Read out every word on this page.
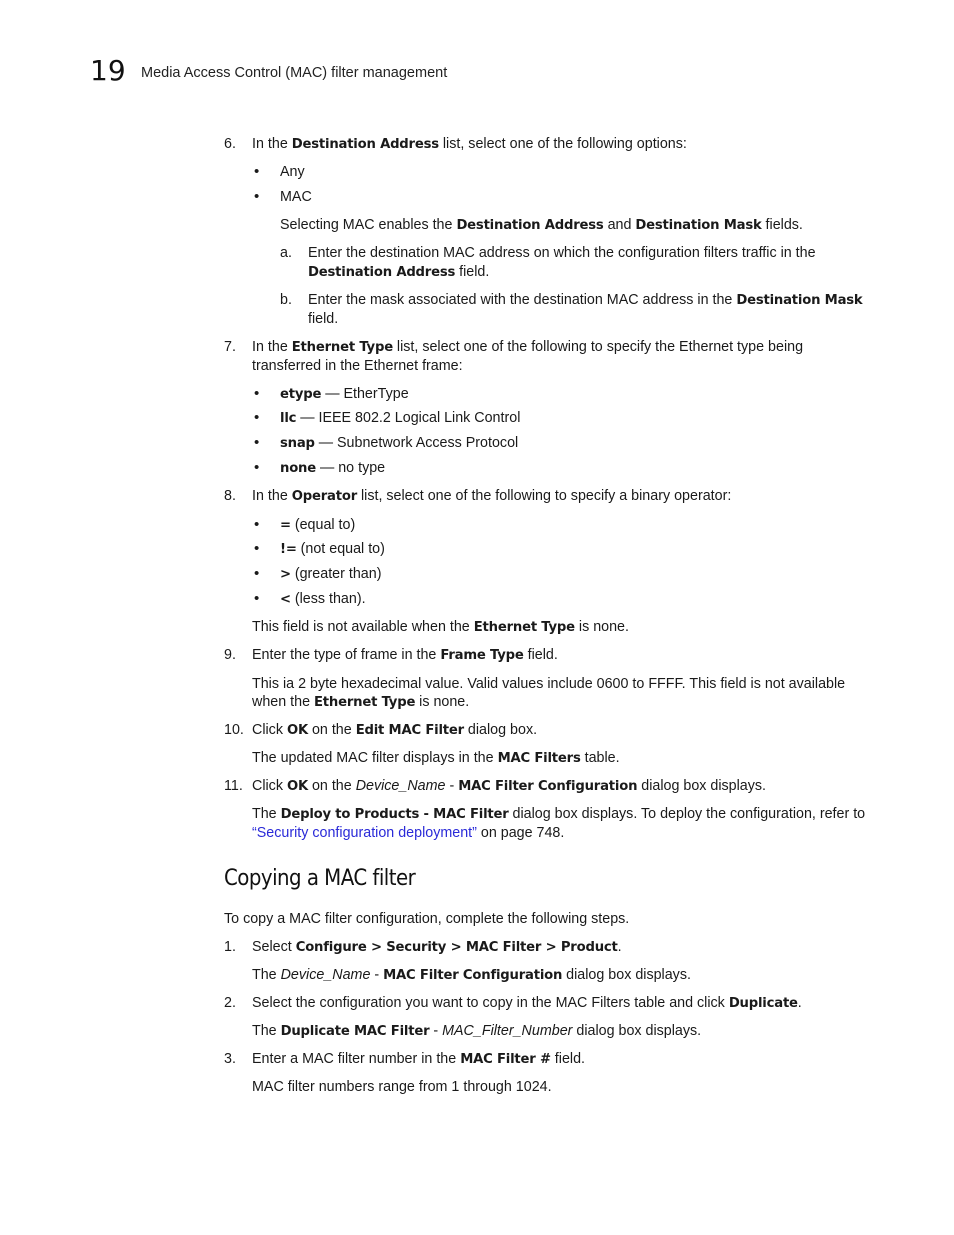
19 Media Access Control (MAC) filter management
6. In the Destination Address list, select one of the following options:
• Any
• MAC
Selecting MAC enables the Destination Address and Destination Mask fields.
a. Enter the destination MAC address on which the configuration filters traffic in the
Destination Address field.
b. Enter the mask associated with the destination MAC address in the Destination Mask
field.
7. In the Ethernet Type list, select one of the following to specify the Ethernet type being
transferred in the Ethernet frame:
• etype — EtherType
• llc — IEEE 802.2 Logical Link Control
• snap — Subnetwork Access Protocol
• none — no type
8. In the Operator list, select one of the following to specify a binary operator:
• = (equal to)
• != (not equal to)
• > (greater than)
• < (less than).
This field is not available when the Ethernet Type is none.
9. Enter the type of frame in the Frame Type field.
This ia 2 byte hexadecimal value. Valid values include 0600 to FFFF. This field is not available
when the Ethernet Type is none.
10. Click OK on the Edit MAC Filter dialog box.
The updated MAC filter displays in the MAC Filters table.
11. Click OK on the Device_Name - MAC Filter Configuration dialog box displays.
The Deploy to Products - MAC Filter dialog box displays. To deploy the configuration, refer to
“Security configuration deployment” on page 748.
Copying a MAC filter
To copy a MAC filter configuration, complete the following steps.
1. Select Configure > Security > MAC Filter > Product.
The Device_Name - MAC Filter Configuration dialog box displays.
2. Select the configuration you want to copy in the MAC Filters table and click Duplicate.
The Duplicate MAC Filter - MAC_Filter_Number dialog box displays.
3. Enter a MAC filter number in the MAC Filter # field.
MAC filter numbers range from 1 through 1024.
